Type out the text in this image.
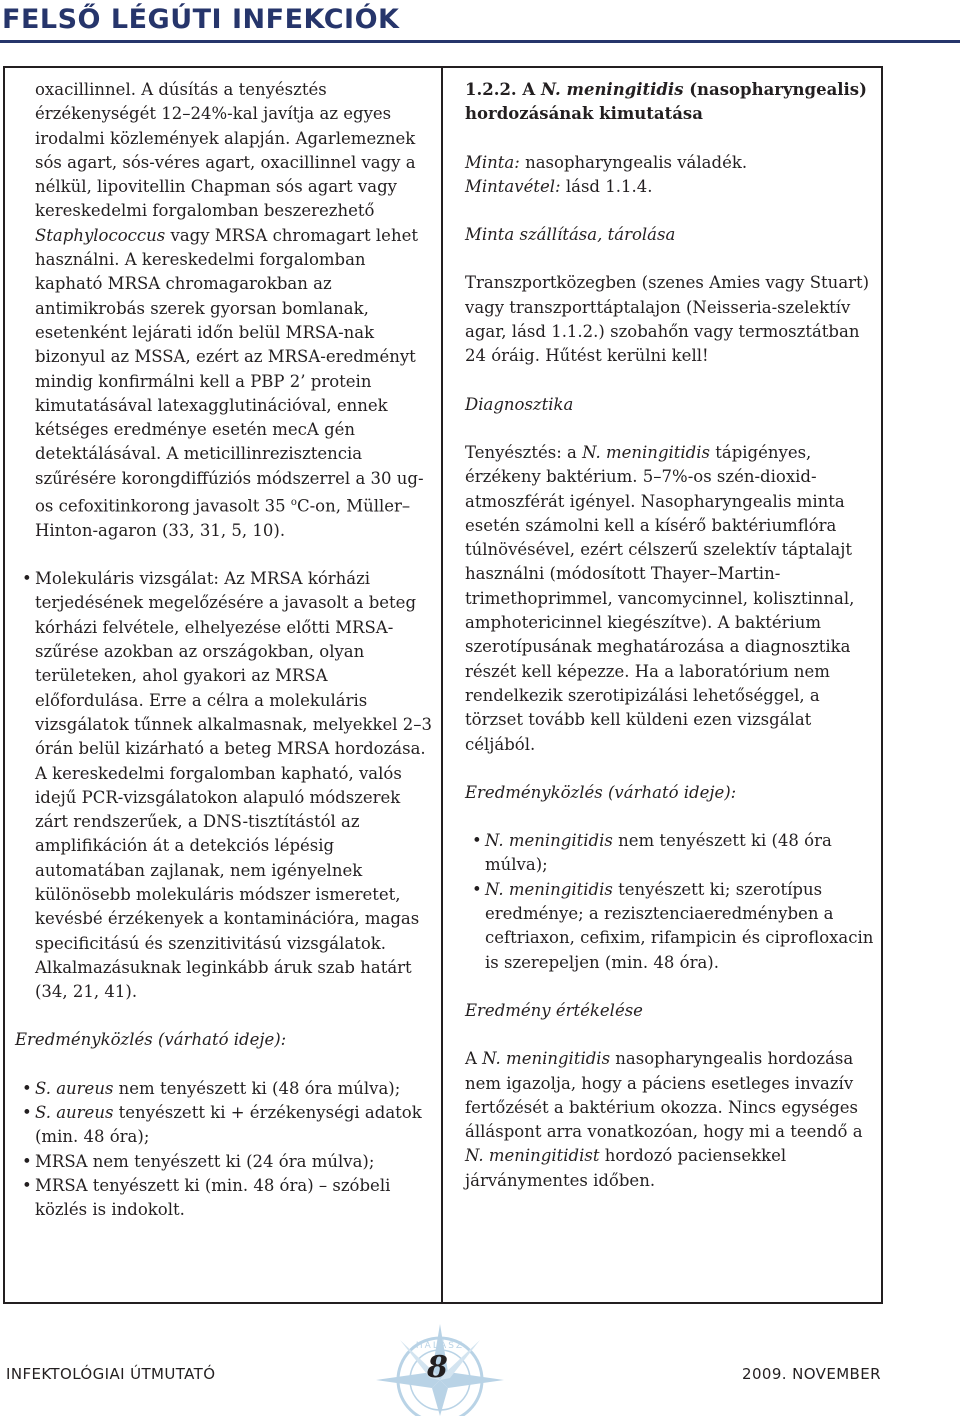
FELSŐ LÉGÚTI INFEKCIÓK

oxacillinnel. A dúsítás a tenyésztés érzékenységét 12–24%-kal javítja az egyes irodalmi közlemények alapján. Agarlemeznek sós agart, sós-véres agart, oxacillinnel vagy a nélkül, lipovitellin Chapman sós agart vagy kereskedelmi forgalomban beszerezhető Staphylococcus vagy MRSA chromagart lehet használni. A kereskedelmi forgalomban kapható MRSA chromagarokban az antimikrobás szerek gyorsan bomlanak, esetenként lejárati időn belül MRSA-nak bizonyul az MSSA, ezért az MRSA-eredményt mindig konfirmálni kell a PBP 2’ protein kimutatásával latexagglutinációval, ennek kétséges eredménye esetén mecA gén detektálásával. A meticillinrezisztencia szűrésére korongdiffúziós módszerrel a 30 ug-os cefoxitinkorong javasolt 35 $^o$C-on, Müller–Hinton-agaron (33, 31, 5, 10).

• Molekuláris vizsgálat: Az MRSA kórházi terjedésének megelőzésére a javasolt a beteg kórházi felvétele, elhelyezése előtti MRSA-szűrése azokban az országokban, olyan területeken, ahol gyakori az MRSA előfordulása. Erre a célra a molekuláris vizsgálatok tűnnek alkalmasnak, melyekkel 2–3 órán belül kizárható a beteg MRSA hordozása. A kereskedelmi forgalomban kapható, valós idejű PCR-vizsgálatokon alapuló módszerek zárt rendszerűek, a DNS-tisztítástól az amplifikáción át a detekciós lépésig automatában zajlanak, nem igényelnek különösebb molekuláris módszer ismeretet, kevésbé érzékenyek a kontaminációra, magas specificitású és szenzitivitású vizsgálatok. Alkalmazásuknak leginkább áruk szab határt (34, 21, 41).

Eredményközlés (várható ideje):

• S. aureus nem tenyészett ki (48 óra múlva);
• S. aureus tenyészett ki + érzékenységi adatok (min. 48 óra);
• MRSA nem tenyészett ki (24 óra múlva);
• MRSA tenyészett ki (min. 48 óra) – szóbeli közlés is indokolt.

1.2.2. A N. meningitidis (nasopharyngealis) hordozásának kimutatása

Minta: nasopharyngealis váladék.

Mintavétel: lásd 1.1.4.

Minta szállítása, tárolása

Transzportközegben (szenes Amies vagy Stuart) vagy transzporttáptalajon (Neisseria-szelektív agar, lásd 1.1.2.) szobahőn vagy termosztátban 24 óráig. Hűtést kerülni kell!

Diagnosztika

Tenyésztés: a N. meningitidis tápigényes, érzékeny baktérium. 5–7%-os szén-dioxid-atmoszférát igényel. Nasopharyngealis minta esetén számolni kell a kísérő baktériumflóra túlnövésével, ezért célszerű szelektív táptalajt használni (módosított Thayer–Martin-trimethoprimmel, vancomycinnel, kolisztinnal, amphotericinnel kiegészítve). A baktérium szerotípusának meghatározása a diagnosztika részét kell képezze. Ha a laboratórium nem rendelkezik szerotipizálási lehetőséggel, a törzset tovább kell küldeni ezen vizsgálat céljából.

Eredményközlés (várható ideje):

• N. meningitidis nem tenyészett ki (48 óra múlva);
• N. meningitidis tenyészett ki; szerotípus eredménye; a rezisztenciaeredményben a ceftriaxon, cefixim, rifampicin és ciprofloxacin is szerepeljen (min. 48 óra).

Eredmény értékelése

A N. meningitidis nasopharyngealis hordozása nem igazolja, hogy a páciens esetleges invazív fertőzését a baktérium okozza. Nincs egységes álláspont arra vonatkozóan, hogy mi a teendő a N. meningitidist hordozó paciensekkel járványmentes időben.

INFEKTOLÓGIAI ÚTMUTATÓ
HALÁSZ
8	2009. NOVEMBER
